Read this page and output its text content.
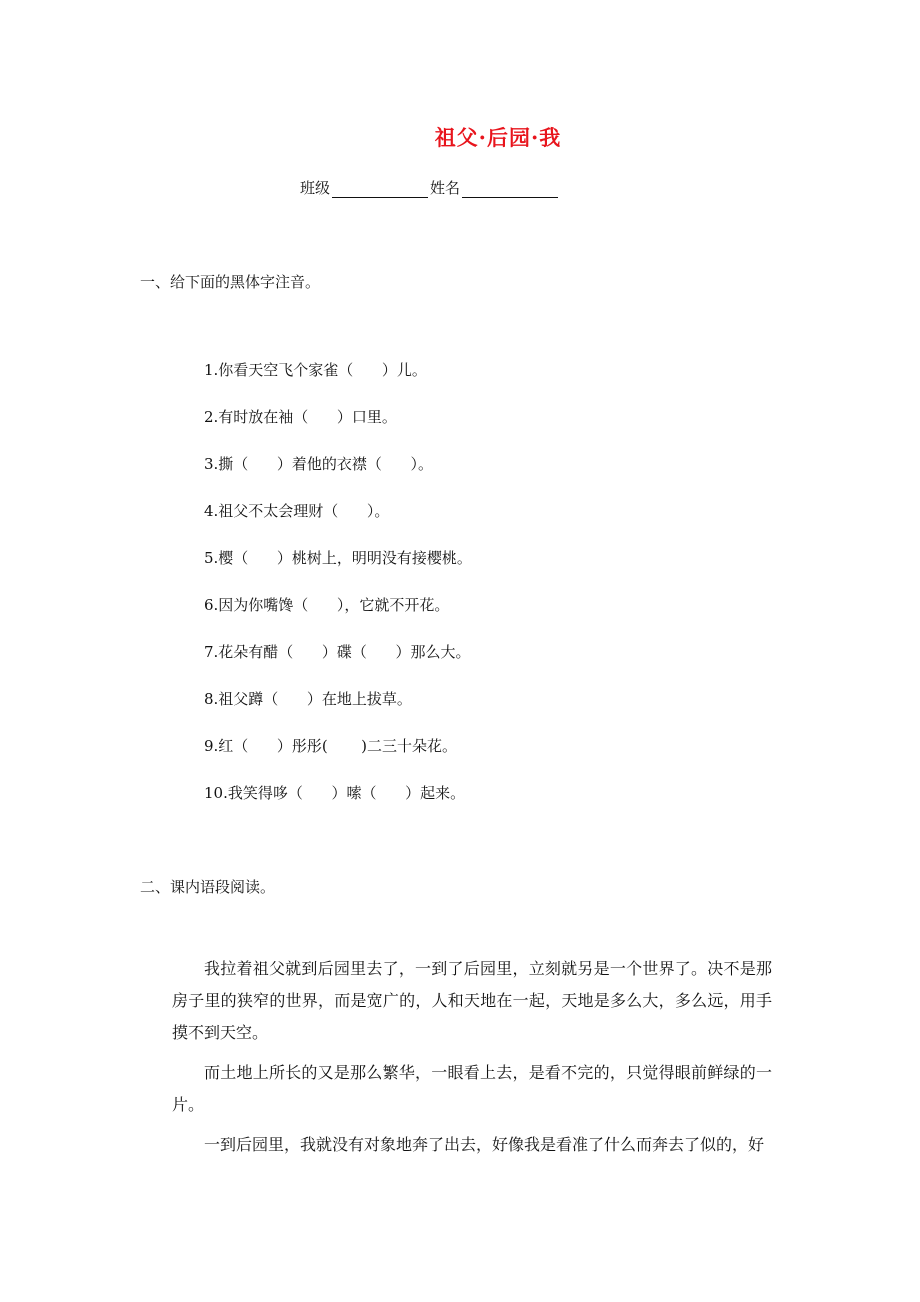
祖父·后园·我
班级	姓名
一、给下面的黑体字注音。
1.你看天空飞个家雀（      ）儿。
2.有时放在袖（      ）口里。
3.撕（      ）着他的衣襟（      ）。
4.祖父不太会理财（      ）。
5.樱（      ）桃树上，明明没有接樱桃。
6.因为你嘴馋（      ），它就不开花。
7.花朵有醋（      ）碟（      ）那么大。
8.祖父蹲（      ）在地上拔草。
9.红（      ）彤彤(       )二三十朵花。
10.我笑得哆（      ）嗦（      ）起来。
二、课内语段阅读。

我拉着祖父就到后园里去了，一到了后园里，立刻就另是一个世界了。决不是那房子里的狭窄的世界，而是宽广的，人和天地在一起，天地是多么大，多么远，用手摸不到天空。

而土地上所长的又是那么繁华，一眼看上去，是看不完的，只觉得眼前鲜绿的一片。

一到后园里，我就没有对象地奔了出去，好像我是看准了什么而奔去了似的，好
